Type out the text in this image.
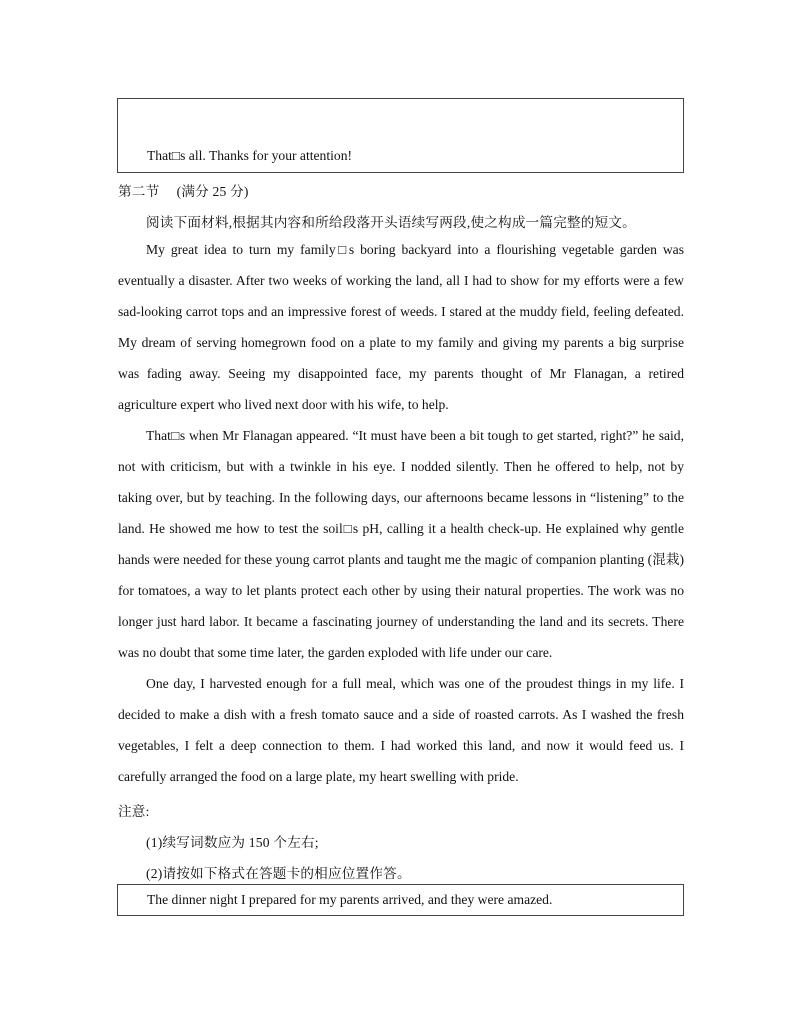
That□s all. Thanks for your attention!
第二节 (满分 25 分)
阅读下面材料,根据其内容和所给段落开头语续写两段,使之构成一篇完整的短文。
My great idea to turn my family□s boring backyard into a flourishing vegetable garden was eventually a disaster. After two weeks of working the land, all I had to show for my efforts were a few sad-looking carrot tops and an impressive forest of weeds. I stared at the muddy field, feeling defeated. My dream of serving homegrown food on a plate to my family and giving my parents a big surprise was fading away. Seeing my disappointed face, my parents thought of Mr Flanagan, a retired agriculture expert who lived next door with his wife, to help.
That□s when Mr Flanagan appeared. “It must have been a bit tough to get started, right?” he said, not with criticism, but with a twinkle in his eye. I nodded silently. Then he offered to help, not by taking over, but by teaching. In the following days, our afternoons became lessons in “listening” to the land. He showed me how to test the soil□s pH, calling it a health check-up. He explained why gentle hands were needed for these young carrot plants and taught me the magic of companion planting (混栽) for tomatoes, a way to let plants protect each other by using their natural properties. The work was no longer just hard labor. It became a fascinating journey of understanding the land and its secrets. There was no doubt that some time later, the garden exploded with life under our care.
One day, I harvested enough for a full meal, which was one of the proudest things in my life. I decided to make a dish with a fresh tomato sauce and a side of roasted carrots. As I washed the fresh vegetables, I felt a deep connection to them. I had worked this land, and now it would feed us. I carefully arranged the food on a large plate, my heart swelling with pride.
注意:
(1)续写词数应为 150 个左右;
(2)请按如下格式在答题卡的相应位置作答。
The dinner night I prepared for my parents arrived, and they were amazed.
